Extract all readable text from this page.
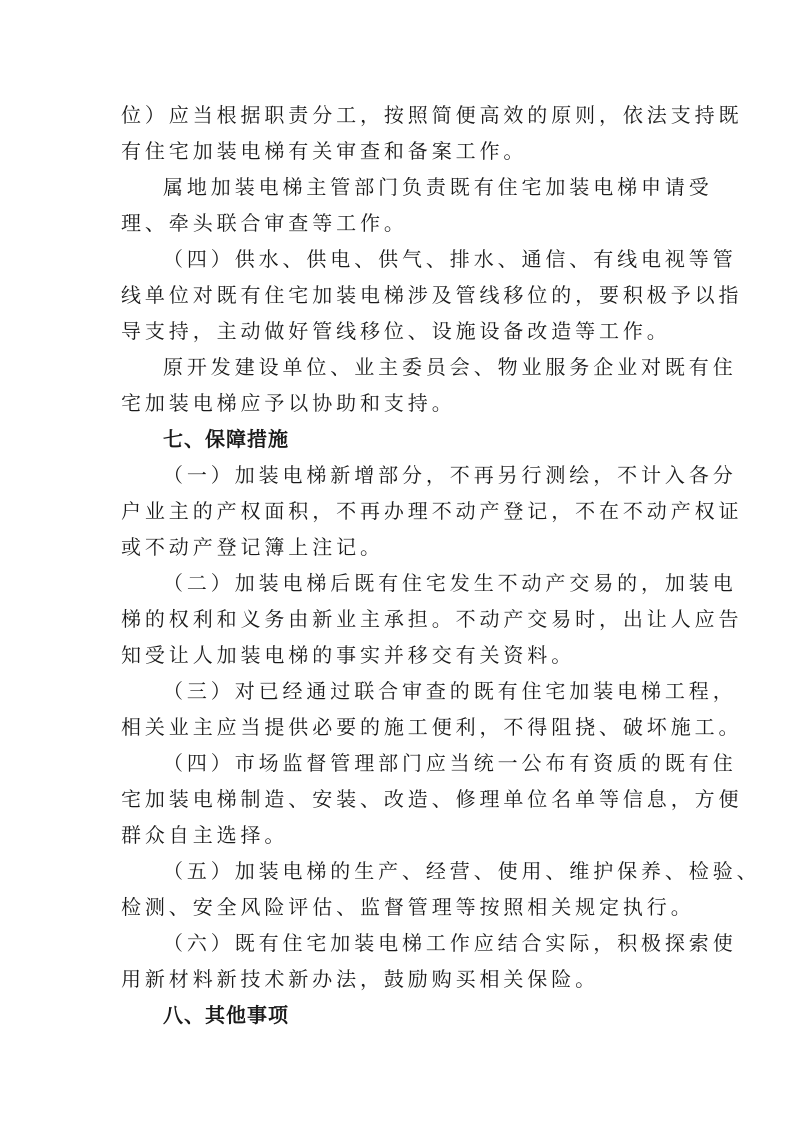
位）应当根据职责分工，按照简便高效的原则，依法支持既
有住宅加装电梯有关审查和备案工作。
属地加装电梯主管部门负责既有住宅加装电梯申请受
理、牵头联合审查等工作。
（四）供水、供电、供气、排水、通信、有线电视等管
线单位对既有住宅加装电梯涉及管线移位的，要积极予以指
导支持，主动做好管线移位、设施设备改造等工作。
原开发建设单位、业主委员会、物业服务企业对既有住
宅加装电梯应予以协助和支持。
七、保障措施
（一）加装电梯新增部分，不再另行测绘，不计入各分
户业主的产权面积，不再办理不动产登记，不在不动产权证
或不动产登记簿上注记。
（二）加装电梯后既有住宅发生不动产交易的，加装电
梯的权利和义务由新业主承担。不动产交易时，出让人应告
知受让人加装电梯的事实并移交有关资料。
（三）对已经通过联合审查的既有住宅加装电梯工程，
相关业主应当提供必要的施工便利，不得阻挠、破坏施工。
（四）市场监督管理部门应当统一公布有资质的既有住
宅加装电梯制造、安装、改造、修理单位名单等信息，方便
群众自主选择。
（五）加装电梯的生产、经营、使用、维护保养、检验、
检测、安全风险评估、监督管理等按照相关规定执行。
（六）既有住宅加装电梯工作应结合实际，积极探索使
用新材料新技术新办法，鼓励购买相关保险。
八、其他事项
